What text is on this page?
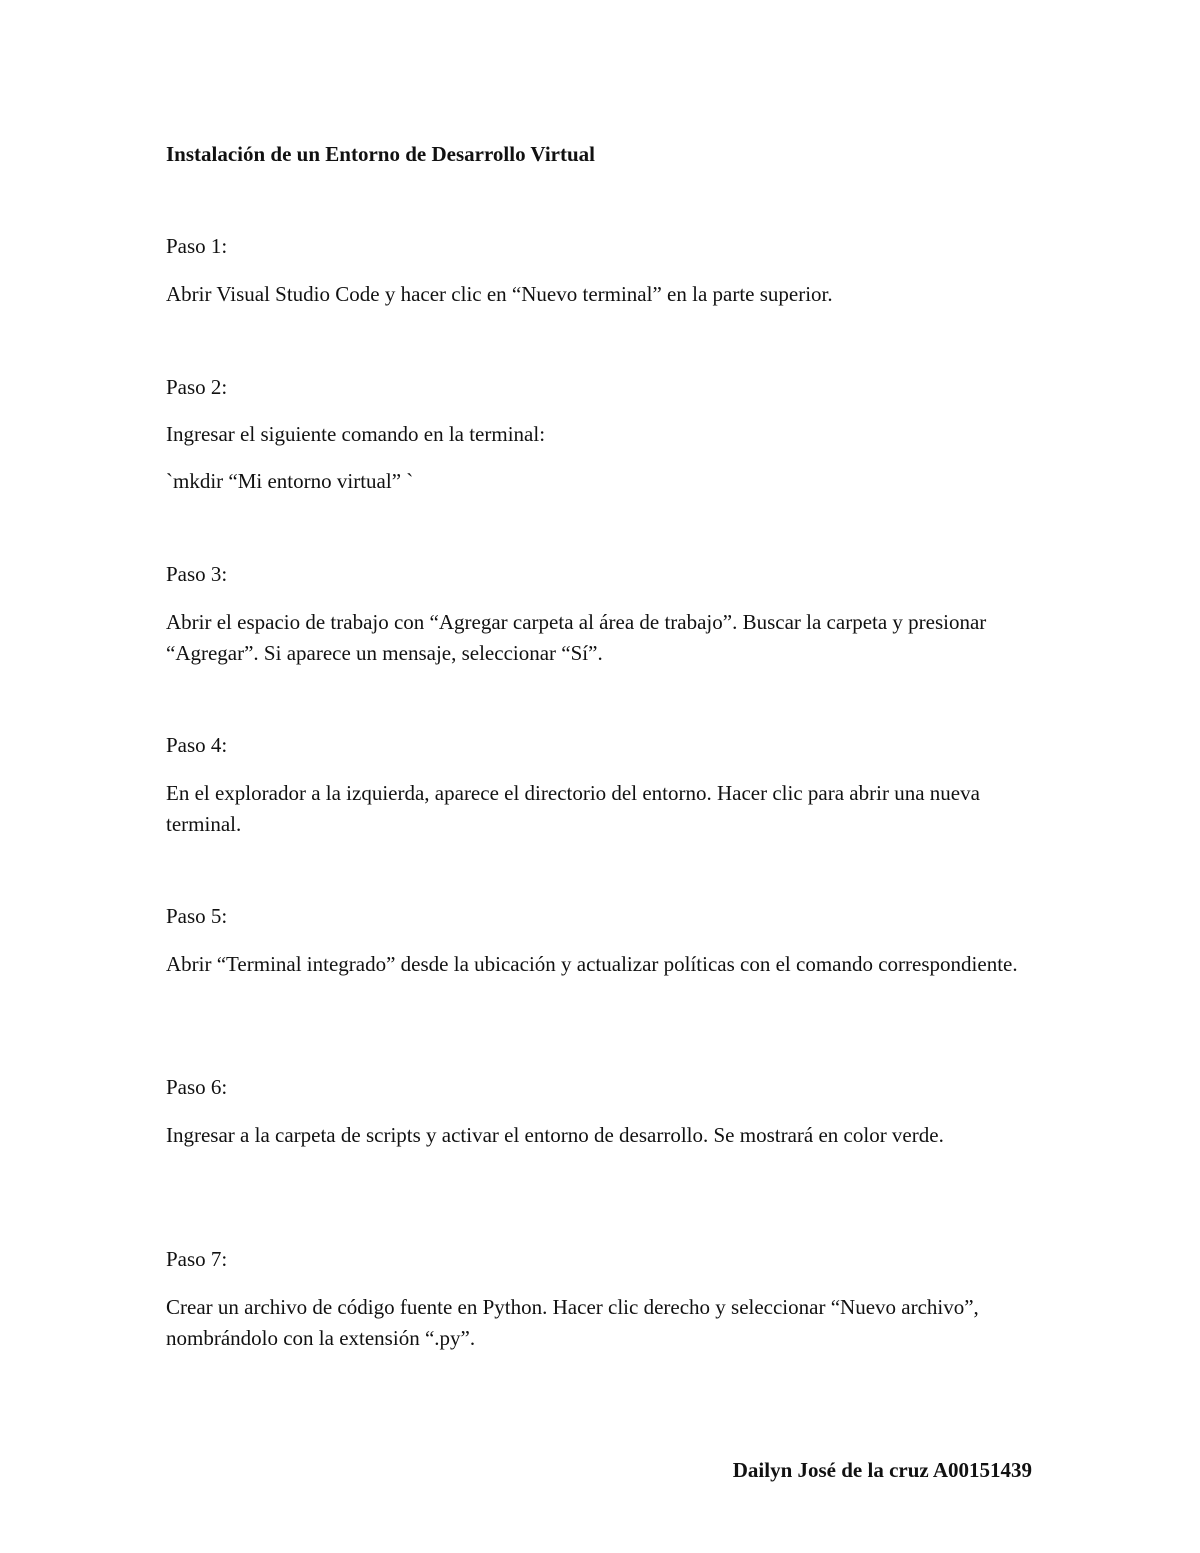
Instalación de un Entorno de Desarrollo Virtual

Paso 1:

Abrir Visual Studio Code y hacer clic en “Nuevo terminal” en la parte superior.

Paso 2:

Ingresar el siguiente comando en la terminal:

`mkdir “Mi entorno virtual” `

Paso 3:

Abrir el espacio de trabajo con “Agregar carpeta al área de trabajo”. Buscar la carpeta y presionar “Agregar”. Si aparece un mensaje, seleccionar “Sí”.

Paso 4:

En el explorador a la izquierda, aparece el directorio del entorno. Hacer clic para abrir una nueva terminal.

Paso 5:

Abrir “Terminal integrado” desde la ubicación y actualizar políticas con el comando correspondiente.

Paso 6:

Ingresar a la carpeta de scripts y activar el entorno de desarrollo. Se mostrará en color verde.

Paso 7:

Crear un archivo de código fuente en Python. Hacer clic derecho y seleccionar “Nuevo archivo”, nombrándolo con la extensión “.py”.

Dailyn José de la cruz A00151439
